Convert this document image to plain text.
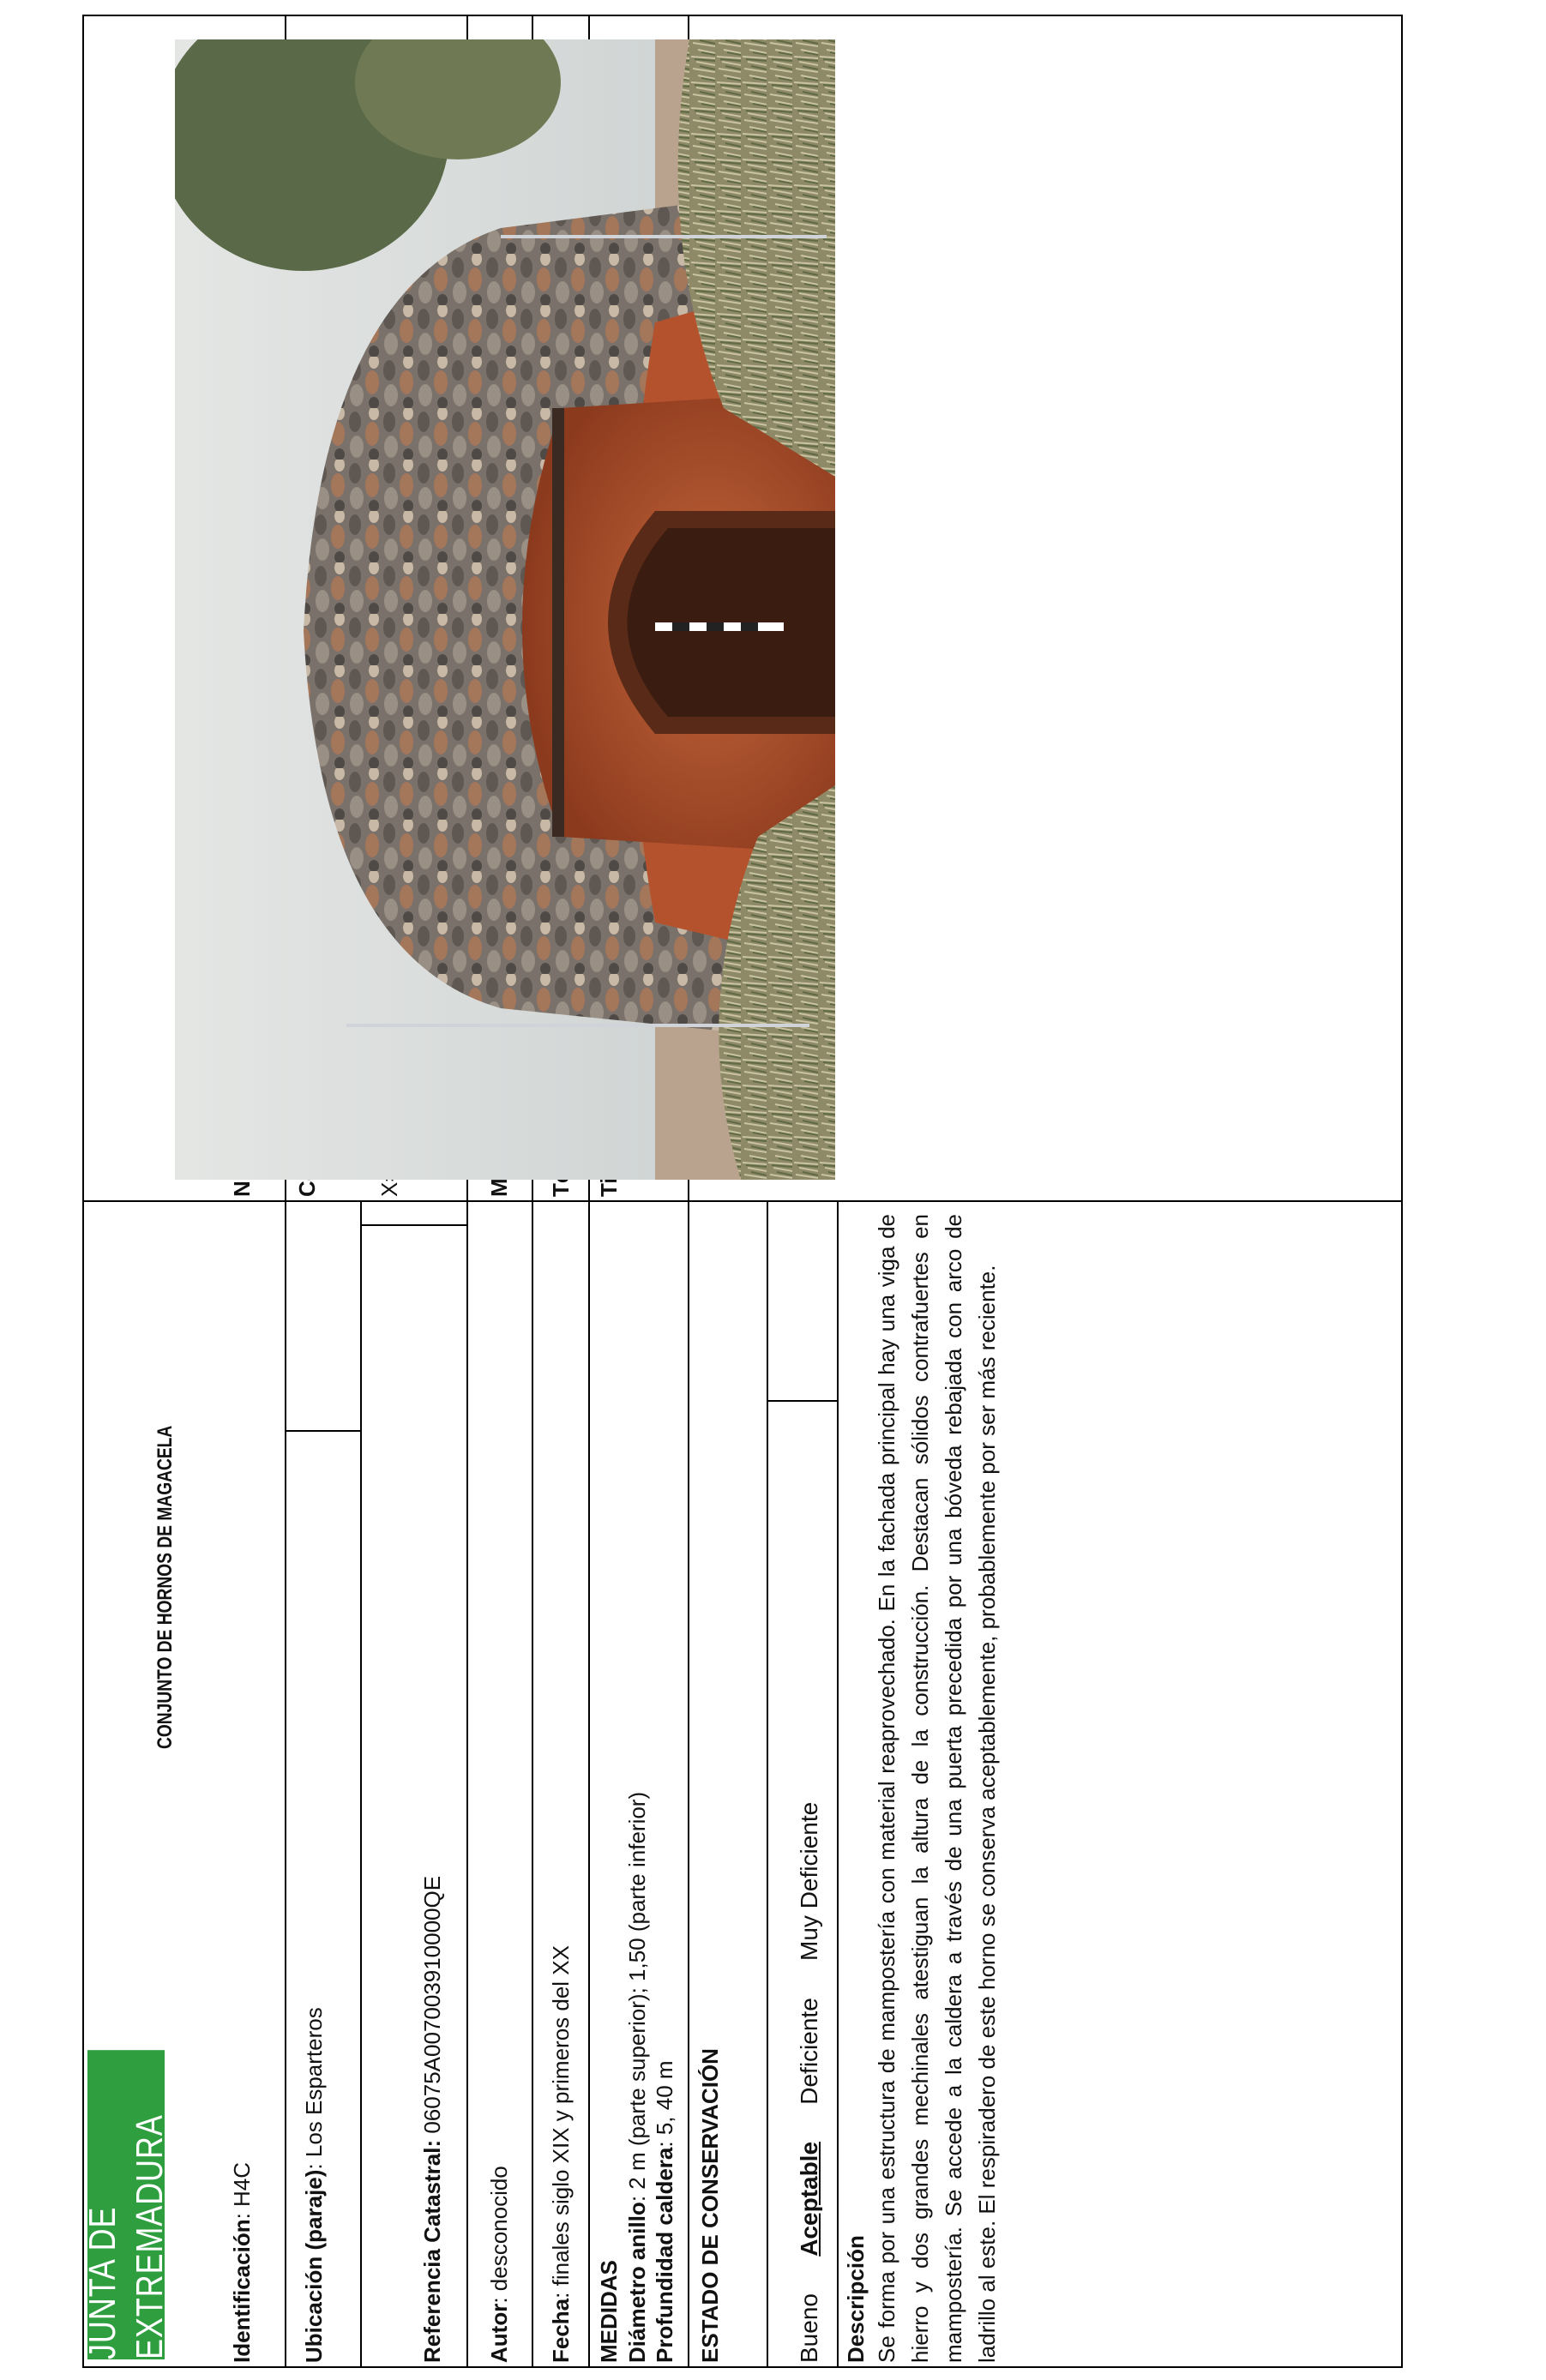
JUNTA DE EXTREMADURA
CONJUNTO DE HORNOS DE MAGACELA
Identificación: H4C	Ubicación (paraje): Los Esparteros
Referencia Catastral: 06075A007003910000QE
Autor: desconocido
Fecha: finales siglo XIX y primeros del XX
MEDIDAS Diámetro anillo: 2 m (parte superior); 1,50 (parte inferior)
Profundidad caldera: 5, 40 m ESTADO DE CONSERVACIÓN	Bueno Aceptable Deficiente Muy Deficiente
Descripción Se forma por una estructura de mampostería con material reaprovechado. En la fachada principal hay una viga de hierro y dos grandes mechinales atestiguan la altura de la construcción. Destacan sólidos contrafuertes en mampostería. Se accede a la caldera a través de una puerta precedida por una bóveda rebajada con arco de ladrillo al este. El respiradero de este horno se conserva aceptablemente, probablemente por ser más reciente.
